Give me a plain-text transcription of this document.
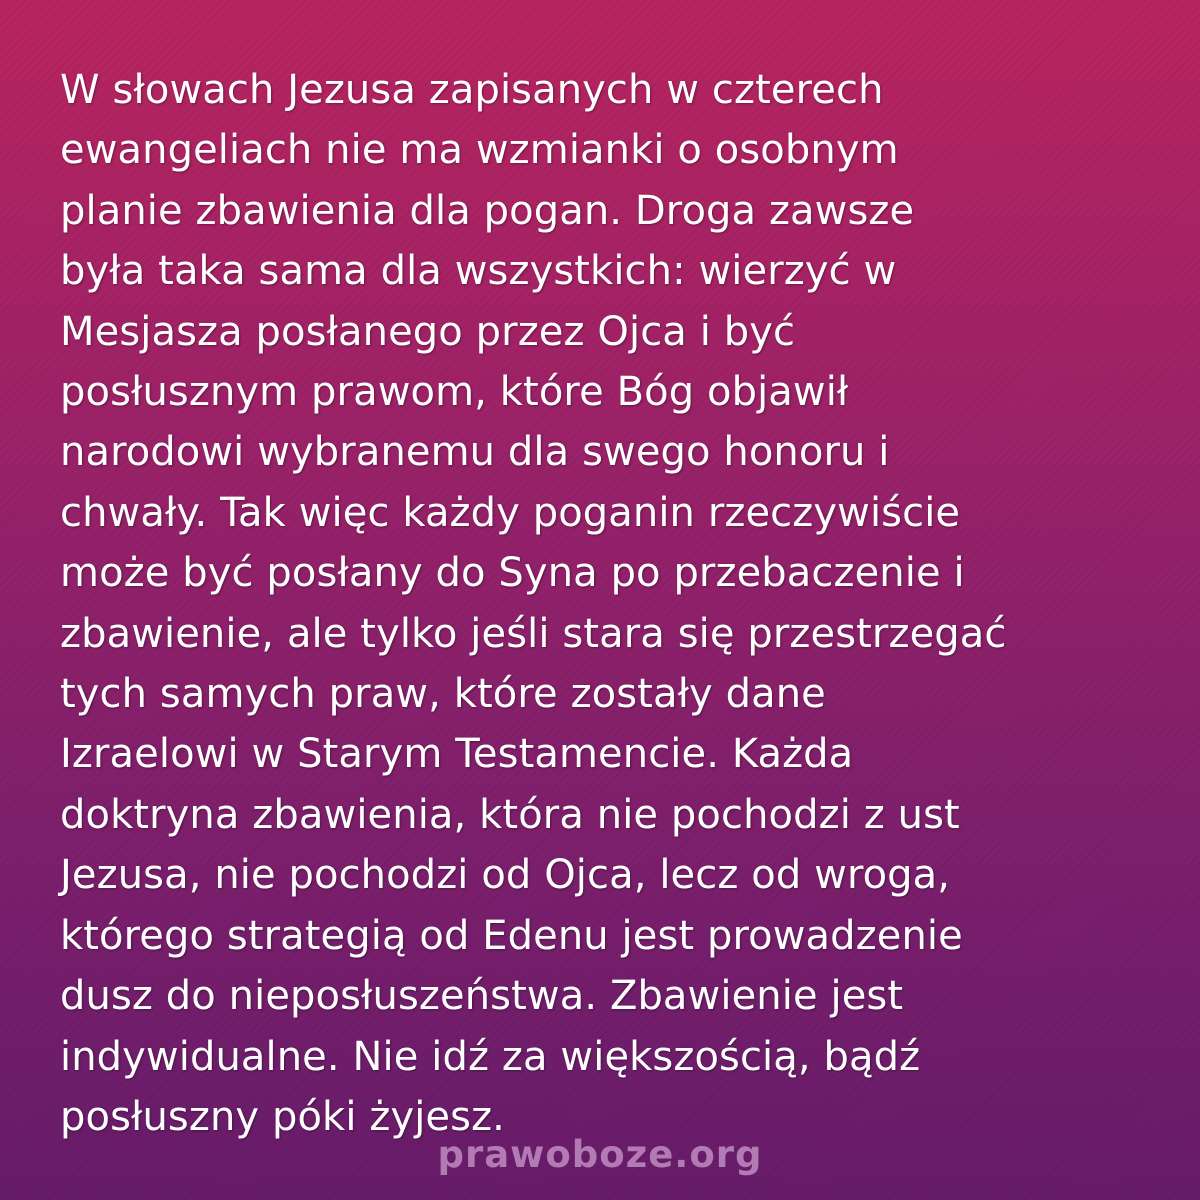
W słowach Jezusa zapisanych w czterech
ewangeliach nie ma wzmianki o osobnym
planie zbawienia dla pogan. Droga zawsze
była taka sama dla wszystkich: wierzyć w
Mesjasza posłanego przez Ojca i być
posłusznym prawom, które Bóg objawił
narodowi wybranemu dla swego honoru i
chwały. Tak więc każdy poganin rzeczywiście
może być posłany do Syna po przebaczenie i
zbawienie, ale tylko jeśli stara się przestrzegać
tych samych praw, które zostały dane
Izraelowi w Starym Testamencie. Każda
doktryna zbawienia, która nie pochodzi z ust
Jezusa, nie pochodzi od Ojca, lecz od wroga,
którego strategią od Edenu jest prowadzenie
dusz do nieposłuszeństwa. Zbawienie jest
indywidualne. Nie idź za większością, bądź
posłuszny póki żyjesz.

prawoboze.org
